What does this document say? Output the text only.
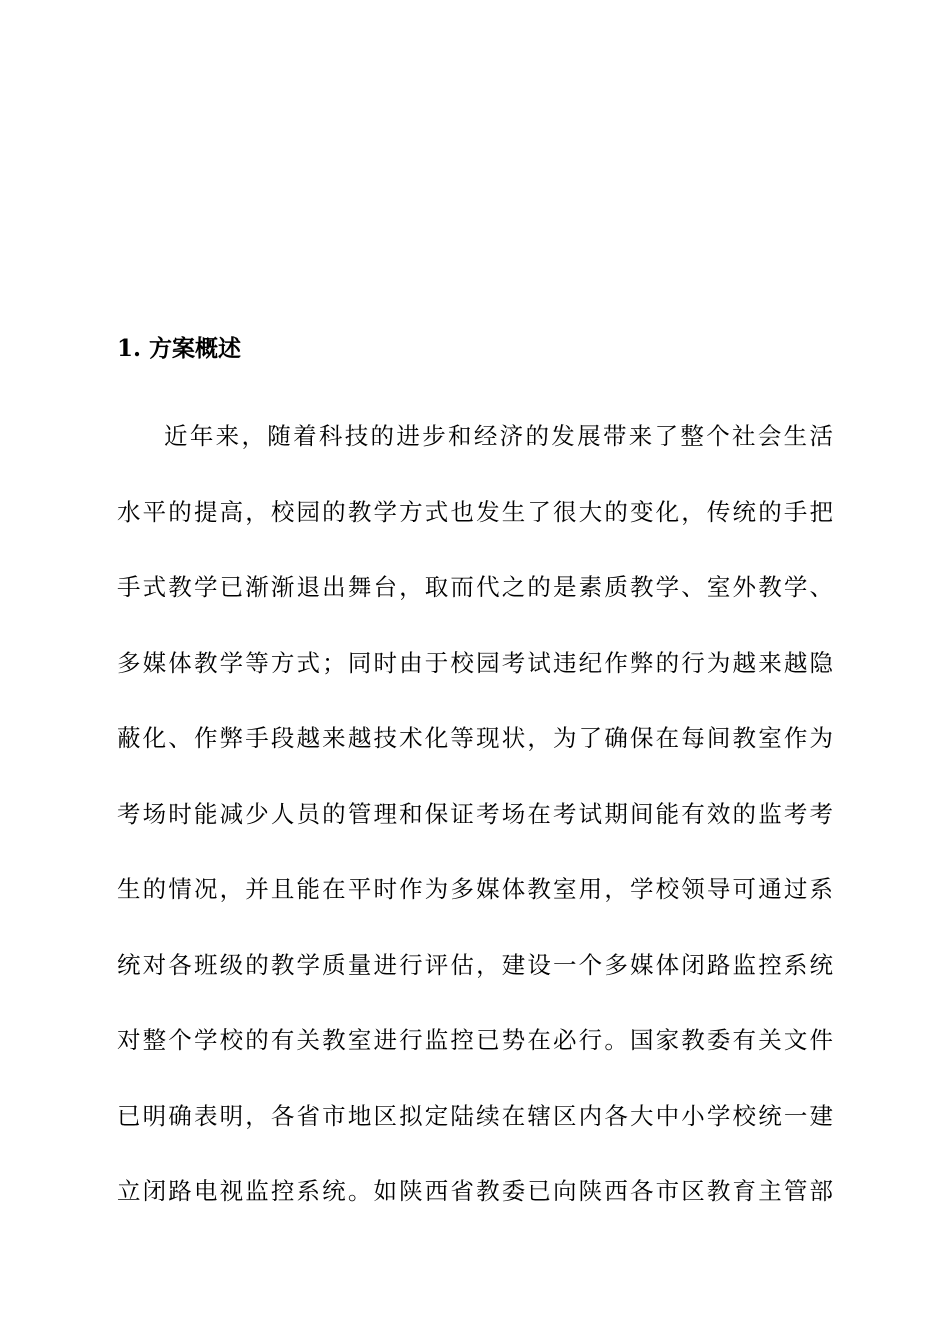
1. 方案概述
近年来，随着科技的进步和经济的发展带来了整个社会生活
水平的提高，校园的教学方式也发生了很大的变化，传统的手把
手式教学已渐渐退出舞台，取而代之的是素质教学、室外教学、
多媒体教学等方式；同时由于校园考试违纪作弊的行为越来越隐
蔽化、作弊手段越来越技术化等现状，为了确保在每间教室作为
考场时能减少人员的管理和保证考场在考试期间能有效的监考考
生的情况，并且能在平时作为多媒体教室用，学校领导可通过系
统对各班级的教学质量进行评估，建设一个多媒体闭路监控系统
对整个学校的有关教室进行监控已势在必行。国家教委有关文件
已明确表明，各省市地区拟定陆续在辖区内各大中小学校统一建
立闭路电视监控系统。如陕西省教委已向陕西各市区教育主管部
